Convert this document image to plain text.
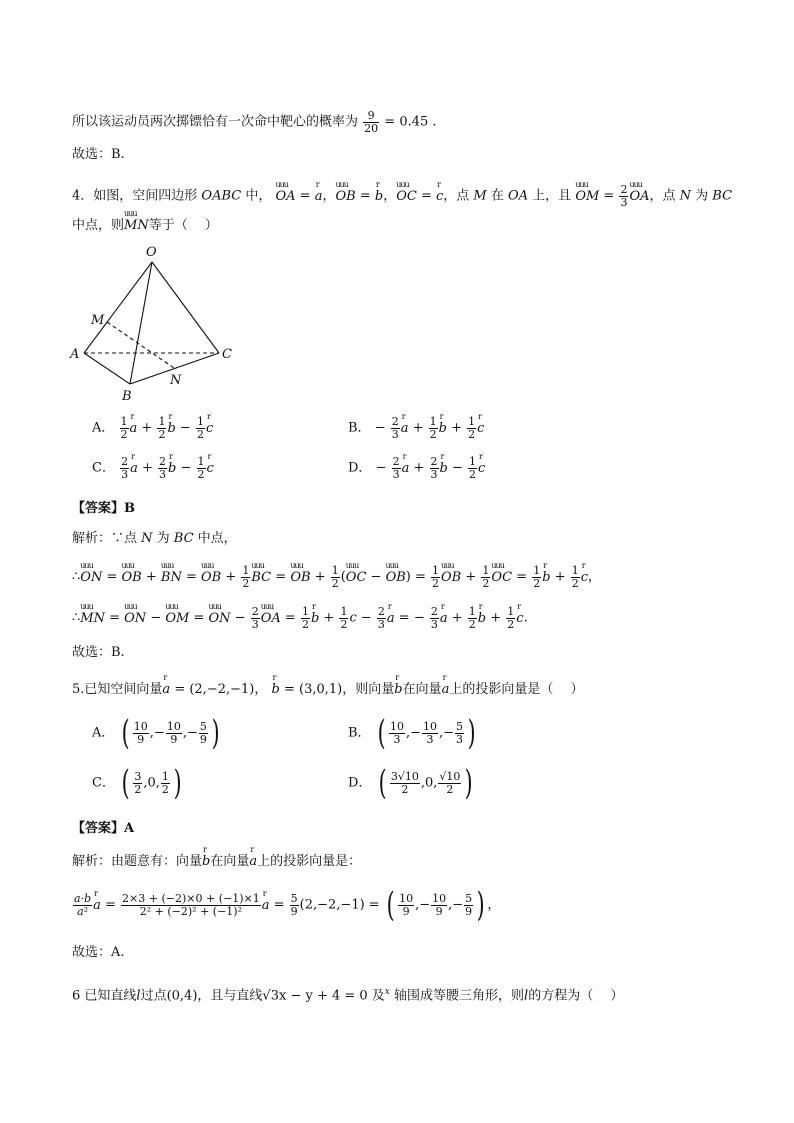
所以该运动员两次掷镖恰有一次命中靶心的概率为 $\frac{9}{20} = 0.45$ .
故选：B.
4．如图，空间四边形 OABC 中， uuu OA = r a，uuu OB = r b，uuu OC = r c，点 M 在 OA 上，且 uuu OM = $\frac{2}{3}$ uuu OA，点 N 为 BC
中点，则uuu MN等于（　 ）
O
M
A	C
N
B
A． $\frac{1}{2}$ r $a + \frac{1}{2}$ r $b - \frac{1}{2}$ r c	B． − $\frac{2}{3}$ r $a + \frac{1}{2}$ r $b + \frac{1}{2}$ r c
C． $\frac{2}{3}$ r $a + \frac{2}{3}$ r $b - \frac{1}{2}$ r c	D． − $\frac{2}{3}$ r $a + \frac{2}{3}$ r $b - \frac{1}{2}$ r c
【答案】B
解析：∵点 N 为 BC 中点，
∴uuu ON = uuu OB + uuu BN = uuu OB + $\frac{1}{2}$ uuu BC = uuu OB + $\frac{1}{2} (uuu$ OC − uuu $OB) = \frac{1}{2}$ uuu OB + $\frac{1}{2}$ uuu OC = $\frac{1}{2}$ r $b + \frac{1}{2}$ r c，
∴uuu MN = uuu ON − uuu OM = uuu ON − $\frac{2}{3}$ uuu OA = $\frac{1}{2}$ r $b + \frac{1}{2}$ $c - \frac{2}{3}$ r a = − $\frac{2}{3}$ r $a + \frac{1}{2}$ r $b + \frac{1}{2}$ r c.
故选：B.
5.已知空间向量r a = (2,−2,−1)， r b = (3,0,1)，则向量r b在向量r a上的投影向量是（　 ）
A． ( $\frac{10}{9}$ ,− $\frac{10}{9}$ ,− $\frac{5}{9}$ )	B． ( $\frac{10}{3}$ ,− $\frac{10}{3}$ ,− $\frac{5}{3}$ )
C． ( $\frac{3}{2} ,0$, $\frac{1}{2}$ )	D． ( $\frac{3√10}{2} ,0$, $\frac{√10}{2}$ )
【答案】A
解析：由题意有：向量r b在向量r a上的投影向量是：
$\frac{a\cdot b}{\text{a²}}$ r $a = \frac{2\times 3 + (-2)\times 0 + (-1)\times 1}{\text{2² + (−2)² + (−1)²}}$ r $a = \frac{5}{9} (2,-2,-1)$ = ( $\frac{10}{9}$ ,− $\frac{10}{9}$ ,− $\frac{5}{9}$ ) ，
故选：A.
6 已知直线l过点(0,4)，且与直线√3x − y + 4 = 0 及$^x$ 轴围成等腰三角形，则l的方程为（　 ）
